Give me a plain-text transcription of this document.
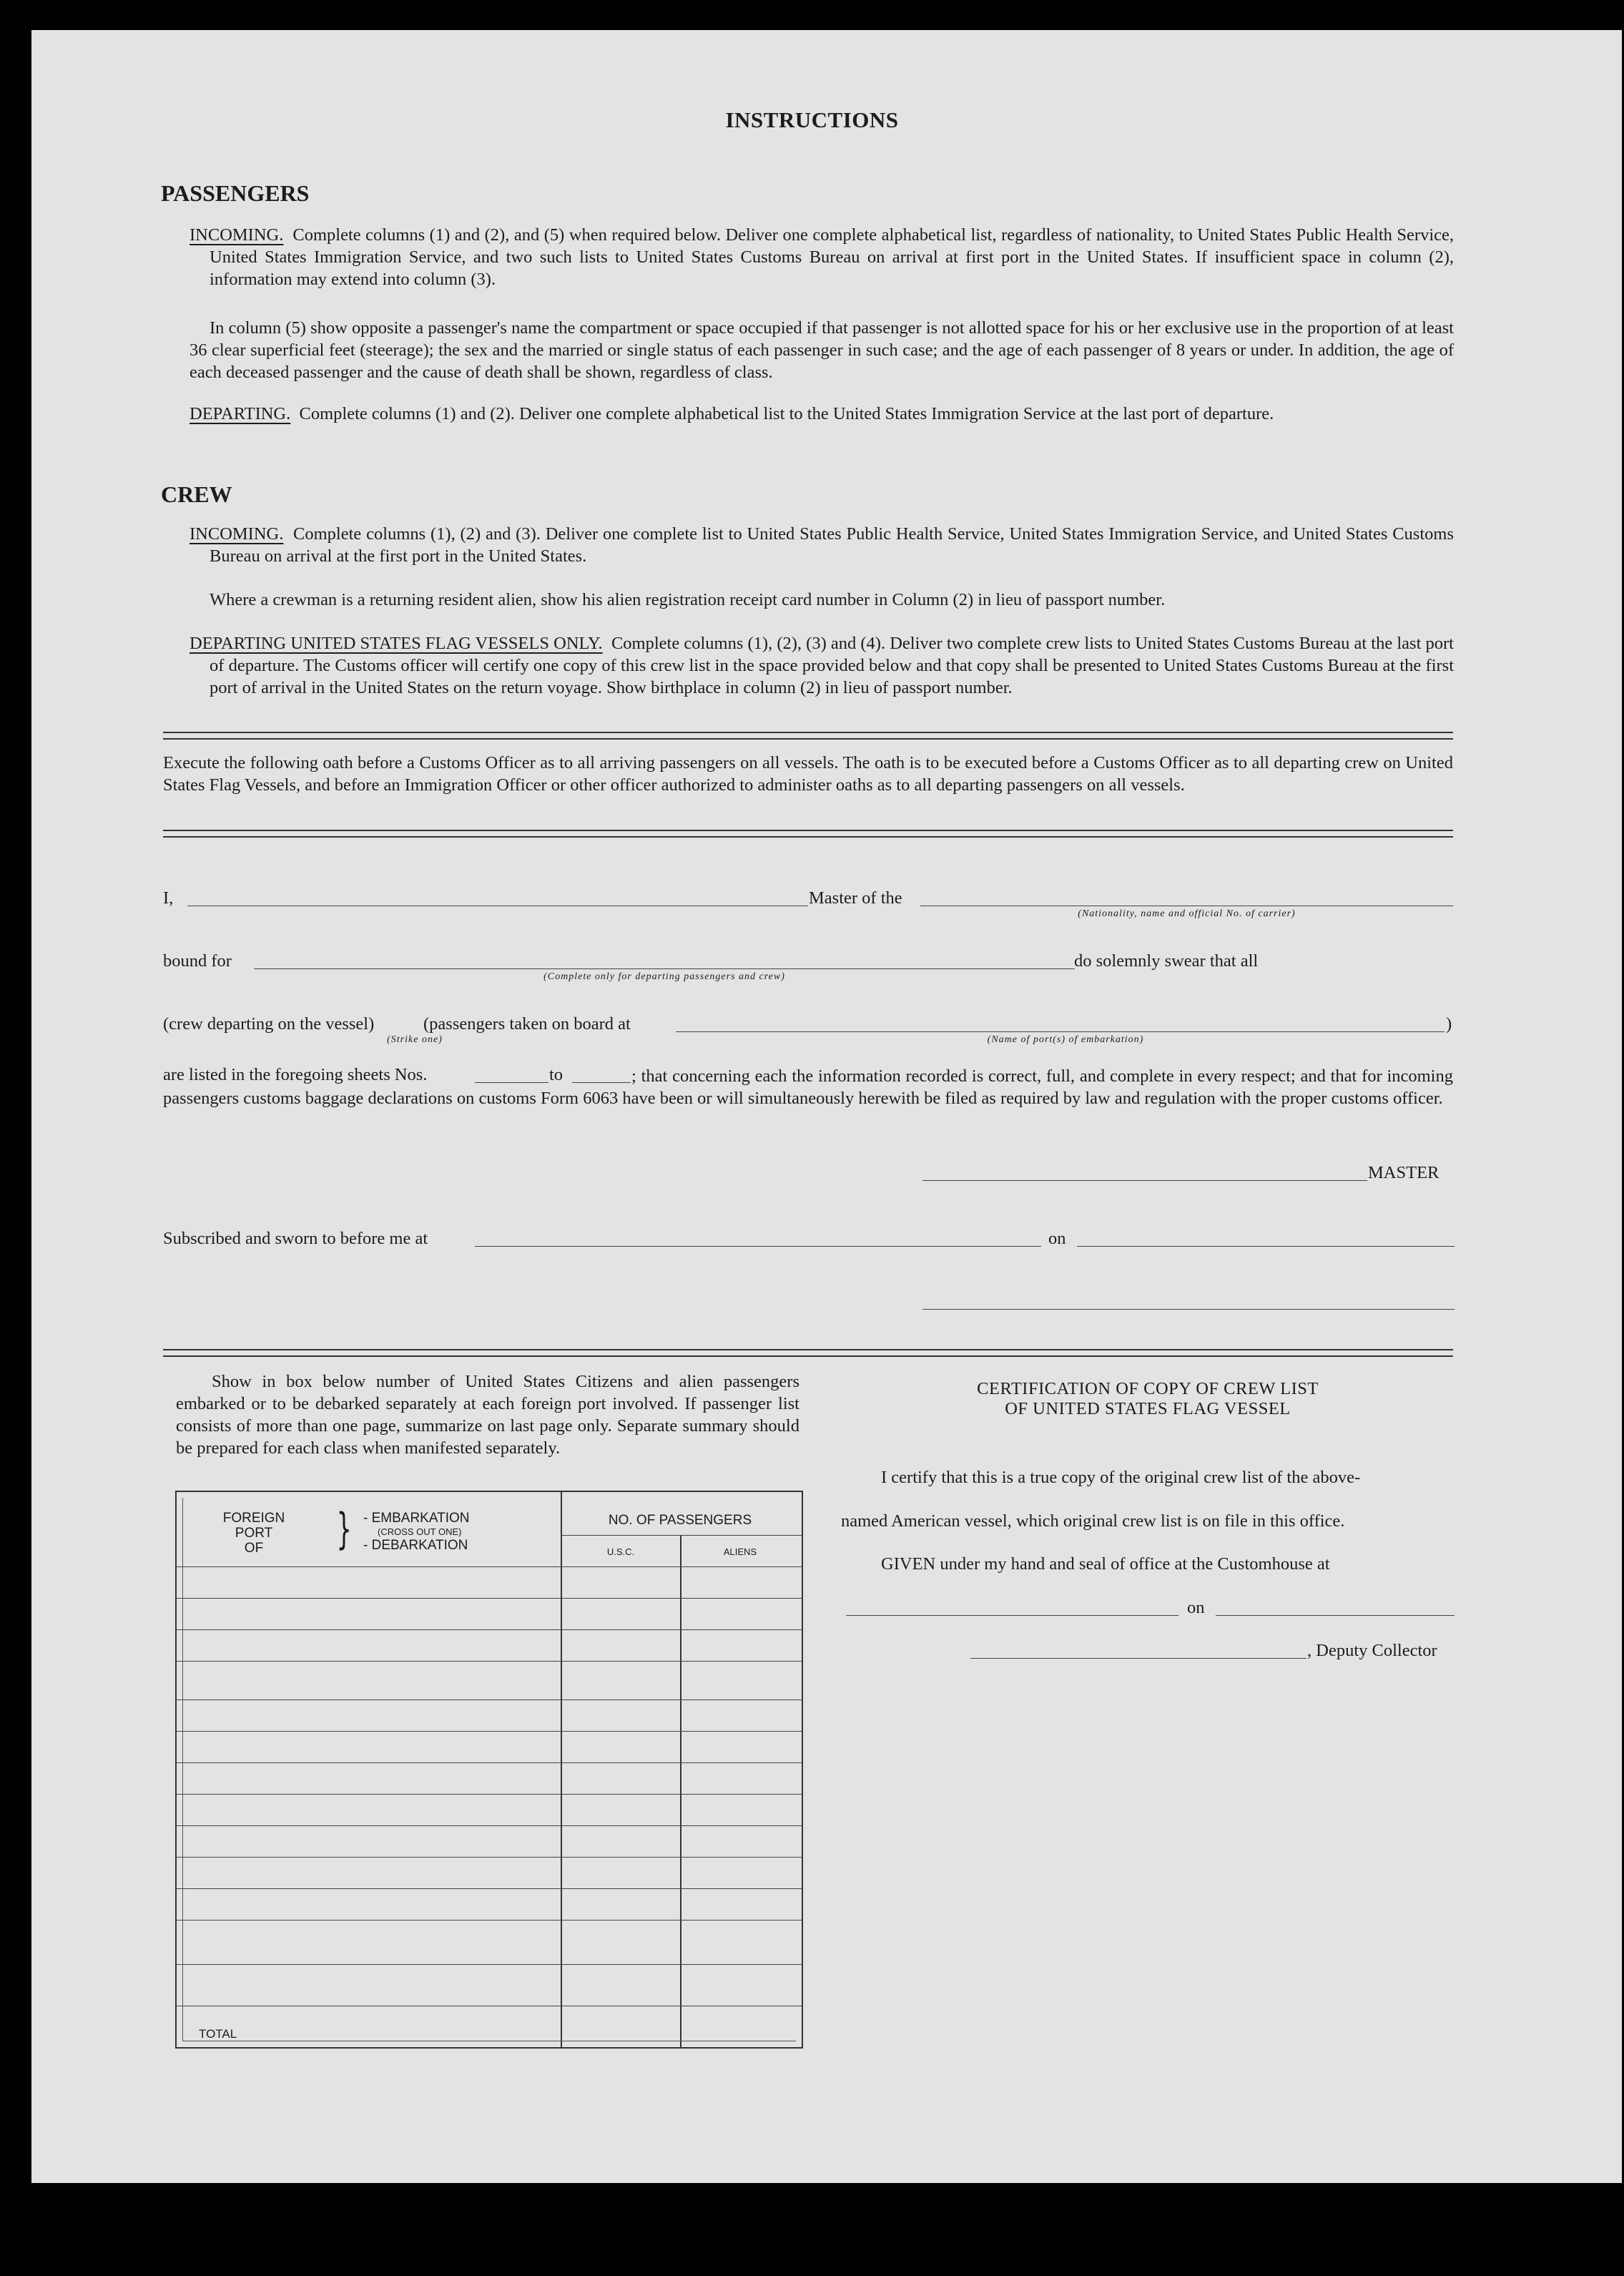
INSTRUCTIONS
PASSENGERS
INCOMING. Complete columns (1) and (2), and (5) when required below. Deliver one complete alphabetical list, regardless of nationality, to United States Public Health Service, United States Immigration Service, and two such lists to United States Customs Bureau on arrival at first port in the United States. If insufficient space in column (2), information may extend into column (3).
In column (5) show opposite a passenger's name the compartment or space occupied if that passenger is not allotted space for his or her exclusive use in the proportion of at least 36 clear superficial feet (steerage); the sex and the married or single status of each passenger in such case; and the age of each passenger of 8 years or under. In addition, the age of each deceased passenger and the cause of death shall be shown, regardless of class.
DEPARTING. Complete columns (1) and (2). Deliver one complete alphabetical list to the United States Immigration Service at the last port of departure.
CREW
INCOMING. Complete columns (1), (2) and (3). Deliver one complete list to United States Public Health Service, United States Immigration Service, and United States Customs Bureau on arrival at the first port in the United States.
Where a crewman is a returning resident alien, show his alien registration receipt card number in Column (2) in lieu of passport number.
DEPARTING UNITED STATES FLAG VESSELS ONLY. Complete columns (1), (2), (3) and (4). Deliver two complete crew lists to United States Customs Bureau at the last port of departure. The Customs officer will certify one copy of this crew list in the space provided below and that copy shall be presented to United States Customs Bureau at the first port of arrival in the United States on the return voyage. Show birthplace in column (2) in lieu of passport number.
Execute the following oath before a Customs Officer as to all arriving passengers on all vessels. The oath is to be executed before a Customs Officer as to all departing crew on United States Flag Vessels, and before an Immigration Officer or other officer authorized to administer oaths as to all departing passengers on all vessels.
I,	Master of the
(Nationality, name and official No. of carrier)
bound for
(Complete only for departing passengers and crew)
do solemnly swear that all
(crew departing on the vessel)	(passengers taken on board at	)
(Strike one)	(Name of port(s) of embarkation)
are listed in the foregoing sheets Nos.	to	; that concerning each the information recorded is correct, full, and complete in every respect; and that for incoming passengers customs baggage declarations on customs Form 6063 have been or will simultaneously herewith be filed as required by law and regulation with the proper customs officer.
MASTER
Subscribed and sworn to before me at	on
Show in box below number of United States Citizens and alien passengers embarked or to be debarked separately at each foreign port involved. If passenger list consists of more than one page, summarize on last page only. Separate summary should be prepared for each class when manifested separately.
FOREIGN
PORT
OF	} - EMBARKATION
(CROSS OUT ONE)
- DEBARKATION
NO. OF PASSENGERS
U.S.C.	ALIENS
TOTAL
CERTIFICATION OF COPY OF CREW LIST
OF UNITED STATES FLAG VESSEL
I certify that this is a true copy of the original crew list of the above-
named American vessel, which original crew list is on file in this office.
GIVEN under my hand and seal of office at the Customhouse at
on
, Deputy Collector
